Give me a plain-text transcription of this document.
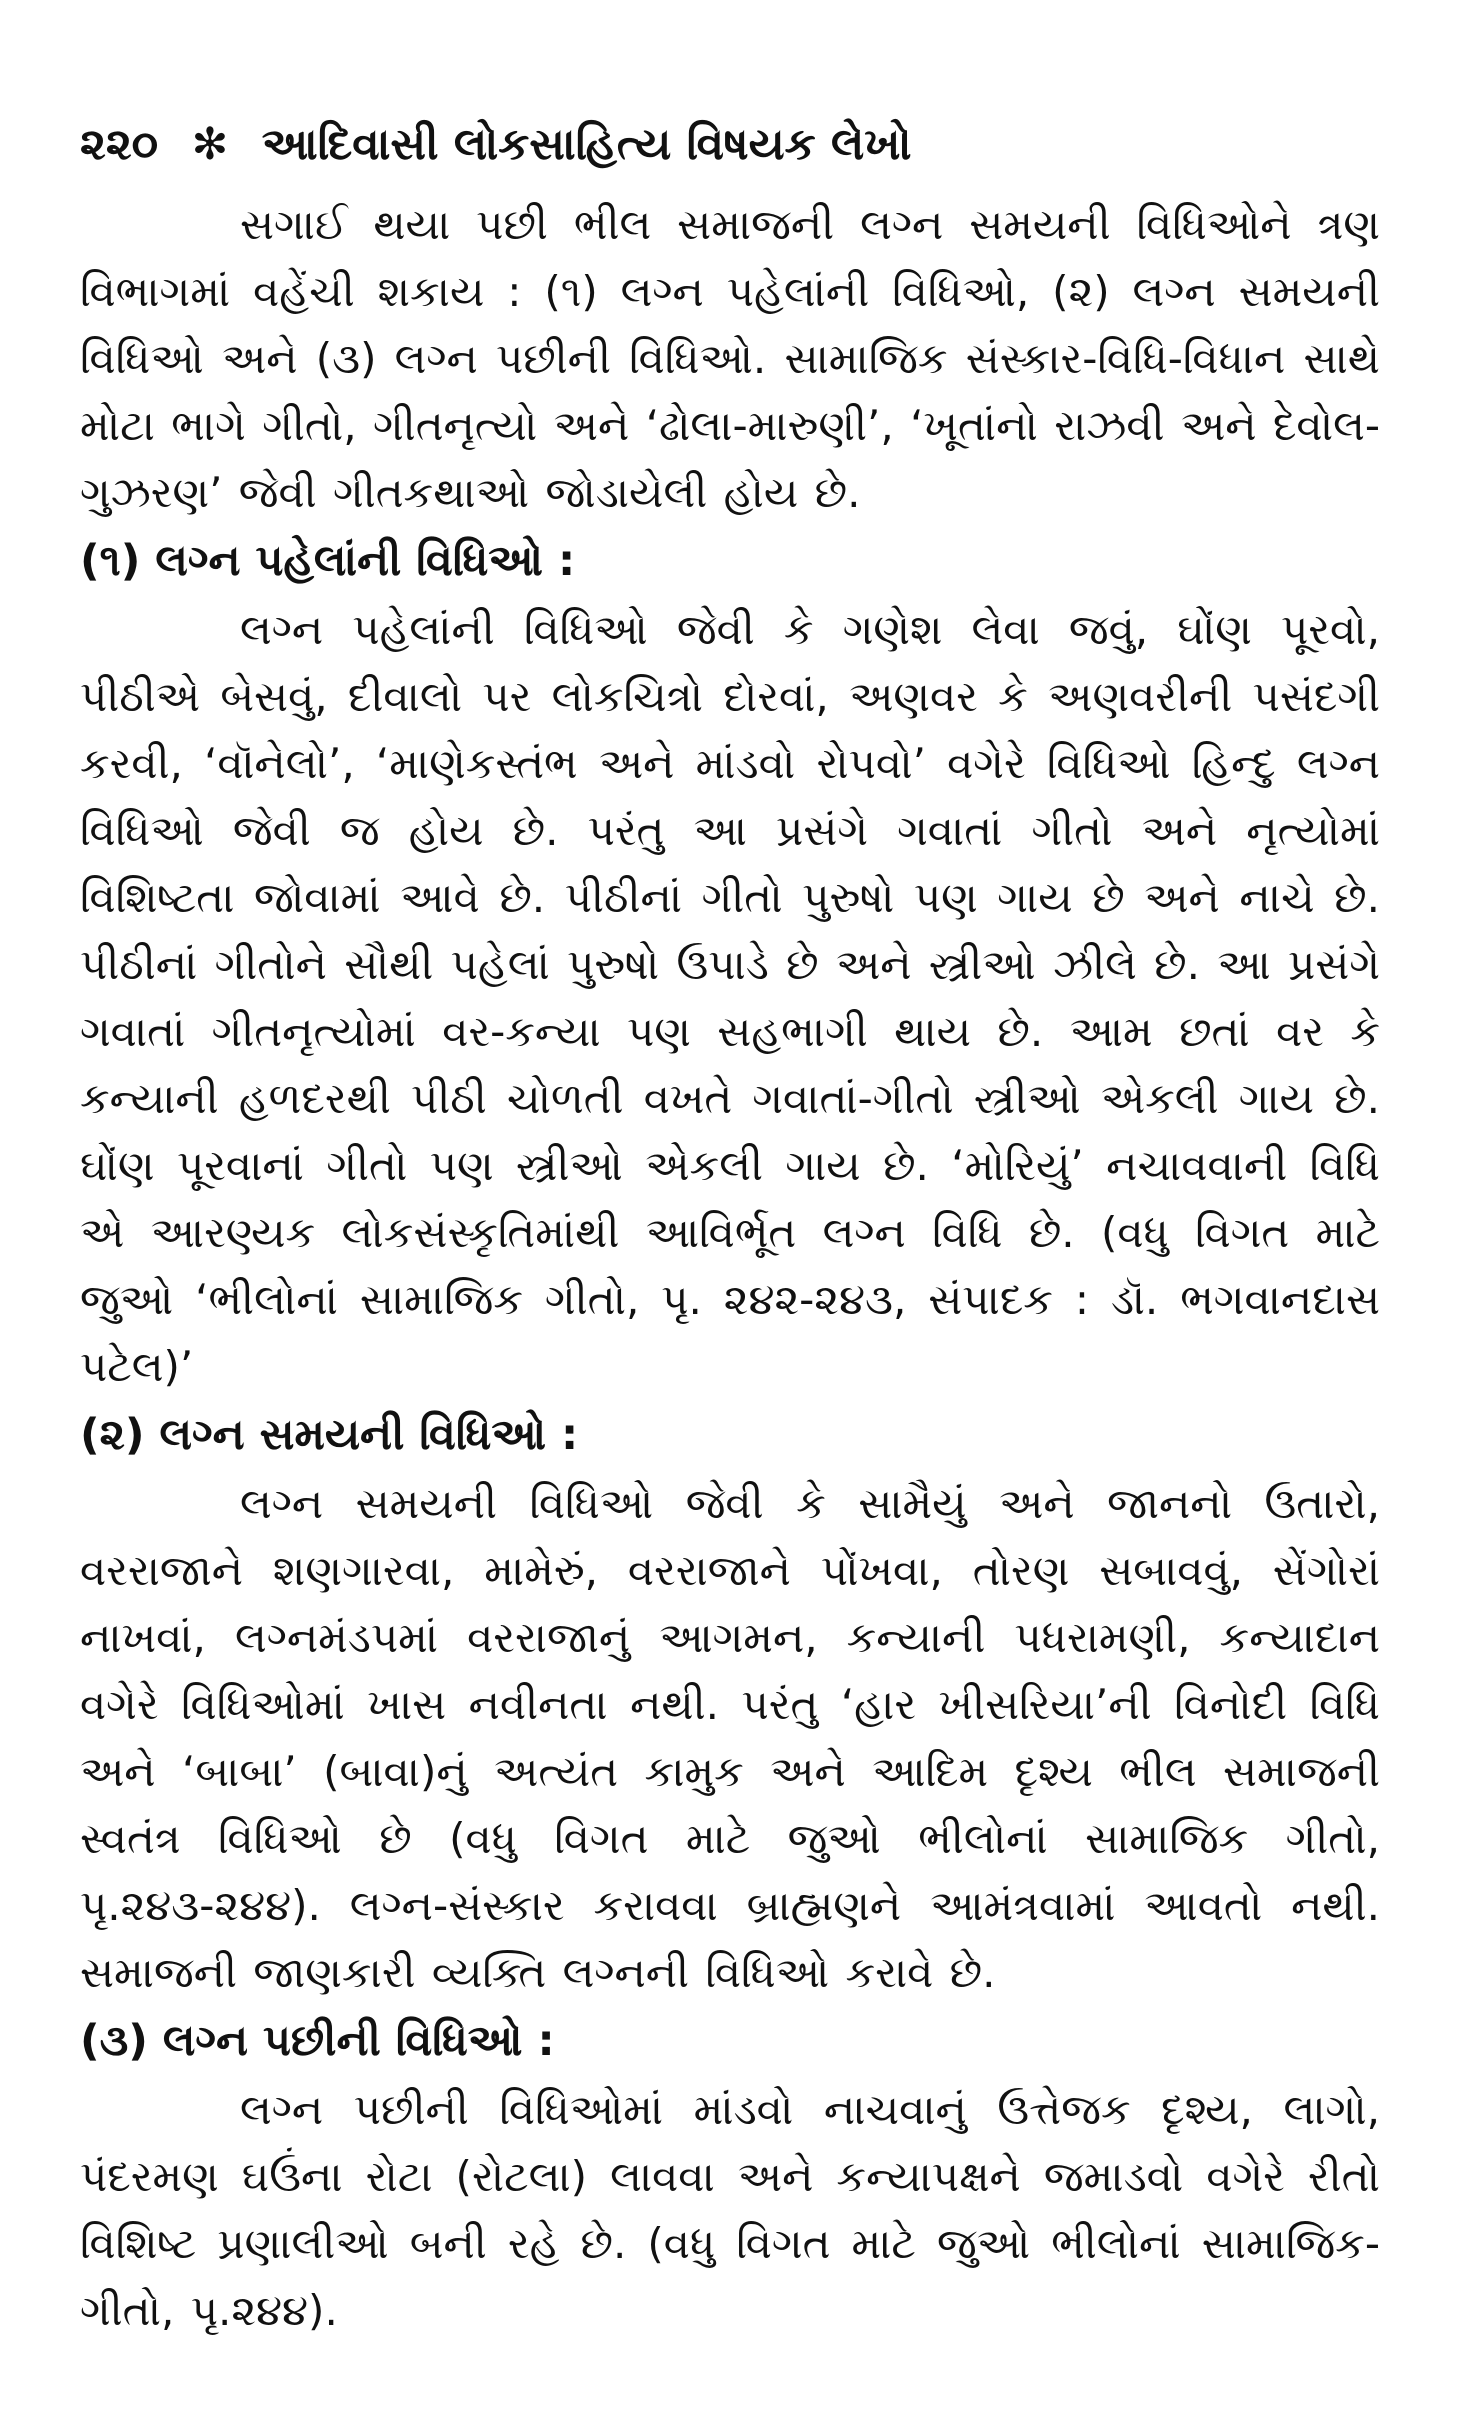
૨૨૦ ✻ આદિવાસી લોકસાહિત્ય વિષયક લેખો

સગાઈ થયા પછી ભીલ સમાજની લગ્ન સમયની વિધિઓને ત્રણ વિભાગમાં વહેંચી શકાય : (૧) લગ્ન પહેલાંની વિધિઓ, (૨) લગ્ન સમયની વિધિઓ અને (૩) લગ્ન પછીની વિધિઓ. સામાજિક સંસ્કાર-વિધિ-વિધાન સાથે મોટા ભાગે ગીતો, ગીતનૃત્યો અને ‘ઢોલા-મારુણી’, ‘ખૂતાંનો રાઝવી અને દેવોલ-ગુઝરણ’ જેવી ગીતકથાઓ જોડાયેલી હોય છે.

(૧) લગ્ન પહેલાંની વિધિઓ :

લગ્ન પહેલાંની વિધિઓ જેવી કે ગણેશ લેવા જવું, ઘોંણ પૂરવો, પીઠીએ બેસવું, દીવાલો પર લોકચિત્રો દોરવાં, અણવર કે અણવરીની પસંદગી કરવી, ‘વૉનેલો’, ‘માણેકસ્તંભ અને માંડવો રોપવો’ વગેરે વિધિઓ હિન્દુ લગ્ન વિધિઓ જેવી જ હોય છે. પરંતુ આ પ્રસંગે ગવાતાં ગીતો અને નૃત્યોમાં વિશિષ્ટતા જોવામાં આવે છે. પીઠીનાં ગીતો પુરુષો પણ ગાય છે અને નાચે છે. પીઠીનાં ગીતોને સૌથી પહેલાં પુરુષો ઉપાડે છે અને સ્ત્રીઓ ઝીલે છે. આ પ્રસંગે ગવાતાં ગીતનૃત્યોમાં વર-કન્યા પણ સહભાગી થાય છે. આમ છતાં વર કે કન્યાની હળદરથી પીઠી ચોળતી વખતે ગવાતાં-ગીતો સ્ત્રીઓ એકલી ગાય છે. ઘોંણ પૂરવાનાં ગીતો પણ સ્ત્રીઓ એકલી ગાય છે. ‘મોરિયું’ નચાવવાની વિધિ એ આરણ્યક લોકસંસ્કૃતિમાંથી આવિર્ભૂત લગ્ન વિધિ છે. (વધુ વિગત માટે જુઓ ‘ભીલોનાં સામાજિક ગીતો, પૃ. ૨૪૨-૨૪૩, સંપાદક : ડૉ. ભગવાનદાસ પટેલ)’

(૨) લગ્ન સમયની વિધિઓ :

લગ્ન સમયની વિધિઓ જેવી કે સામૈયું અને જાનનો ઉતારો, વરરાજાને શણગારવા, મામેરું, વરરાજાને પોંખવા, તોરણ સબાવવું, સેંગોરાં નાખવાં, લગ્નમંડપમાં વરરાજાનું આગમન, કન્યાની પધરામણી, કન્યાદાન વગેરે વિધિઓમાં ખાસ નવીનતા નથી. પરંતુ ‘હાર ખીસરિયા’ની વિનોદી વિધિ અને ‘બાબા’ (બાવા)નું અત્યંત કામુક અને આદિમ દૃશ્ય ભીલ સમાજની સ્વતંત્ર વિધિઓ છે (વધુ વિગત માટે જુઓ ભીલોનાં સામાજિક ગીતો, પૃ.૨૪૩-૨૪૪). લગ્ન-સંસ્કાર કરાવવા બ્રાહ્મણને આમંત્રવામાં આવતો નથી. સમાજની જાણકારી વ્યક્તિ લગ્નની વિધિઓ કરાવે છે.

(૩) લગ્ન પછીની વિધિઓ :

લગ્ન પછીની વિધિઓમાં માંડવો નાચવાનું ઉત્તેજક દૃશ્ય, લાગો, પંદરમણ ઘઉંના રોટા (રોટલા) લાવવા અને કન્યાપક્ષને જમાડવો વગેરે રીતો વિશિષ્ટ પ્રણાલીઓ બની રહે છે. (વધુ વિગત માટે જુઓ ભીલોનાં સામાજિક-ગીતો, પૃ.૨૪૪).
